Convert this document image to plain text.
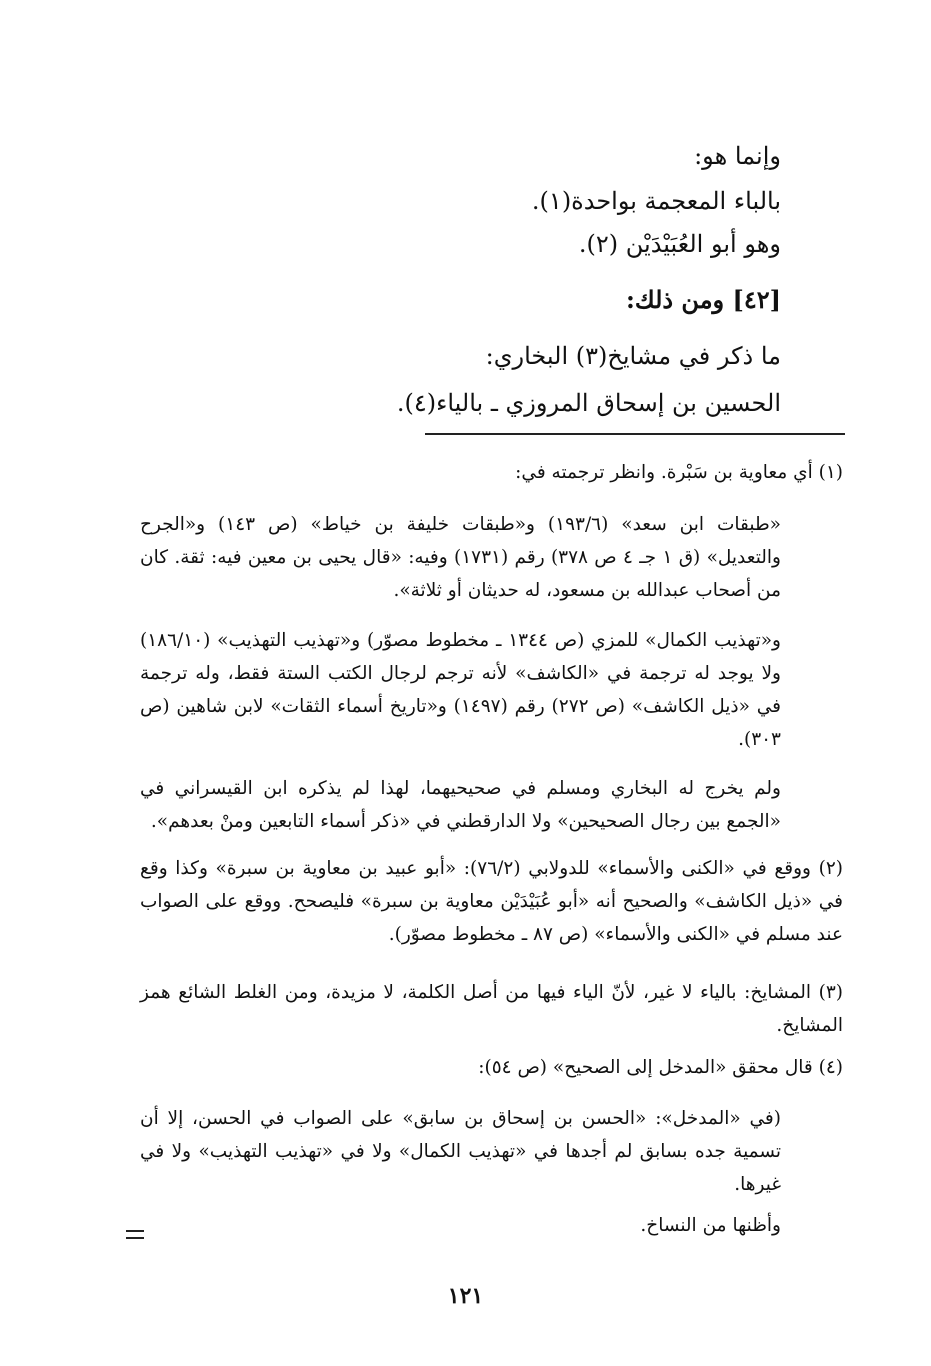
وإنما هو:
بالباء المعجمة بواحدة(١).
وهو أبو العُبَيْدَيْن (٢).
[٤٢] ومن ذلك:
ما ذكر في مشايخ(٣) البخاري:
الحسين بن إسحاق المروزي ـ بالياء(٤).
(١) أي معاوية بن سَبْرة. وانظر ترجمته في:
«طبقات ابن سعد» (١٩٣/٦) و«طبقات خليفة بن خياط» (ص ١٤٣) و«الجرح والتعديل» (ق ١ جـ ٤ ص ٣٧٨) رقم (١٧٣١) وفيه: «قال يحيى بن معين فيه: ثقة. كان من أصحاب عبدالله بن مسعود، له حديثان أو ثلاثة».
و«تهذيب الكمال» للمزي (ص ١٣٤٤ ـ مخطوط مصوّر) و«تهذيب التهذيب» (١٨٦/١٠) ولا يوجد له ترجمة في «الكاشف» لأنه ترجم لرجال الكتب الستة فقط، وله ترجمة في «ذيل الكاشف» (ص ٢٧٢) رقم (١٤٩٧) و«تاريخ أسماء الثقات» لابن شاهين (ص ٣٠٣).
ولم يخرج له البخاري ومسلم في صحيحيهما، لهذا لم يذكره ابن القيسراني في «الجمع بين رجال الصحيحين» ولا الدارقطني في «ذكر أسماء التابعين ومنْ بعدهم».
(٢) ووقع في «الكنى والأسماء» للدولابي (٧٦/٢): «أبو عبيد بن معاوية بن سبرة» وكذا وقع في «ذيل الكاشف» والصحيح أنه «أبو عُبَيْدَيْن معاوية بن سبرة» فليصحح. ووقع على الصواب عند مسلم في «الكنى والأسماء» (ص ٨٧ ـ مخطوط مصوّر).
(٣) المشايخ: بالياء لا غير، لأنّ الياء فيها من أصل الكلمة، لا مزيدة، ومن الغلط الشائع همز المشايخ.
(٤) قال محقق «المدخل إلى الصحيح» (ص ٥٤):
(في «المدخل»: «الحسن بن إسحاق بن سابق» على الصواب في الحسن، إلا أن تسمية جده بسابق لم أجدها في «تهذيب الكمال» ولا في «تهذيب التهذيب» ولا في غيرها.
وأظنها من النساخ.
١٢١
